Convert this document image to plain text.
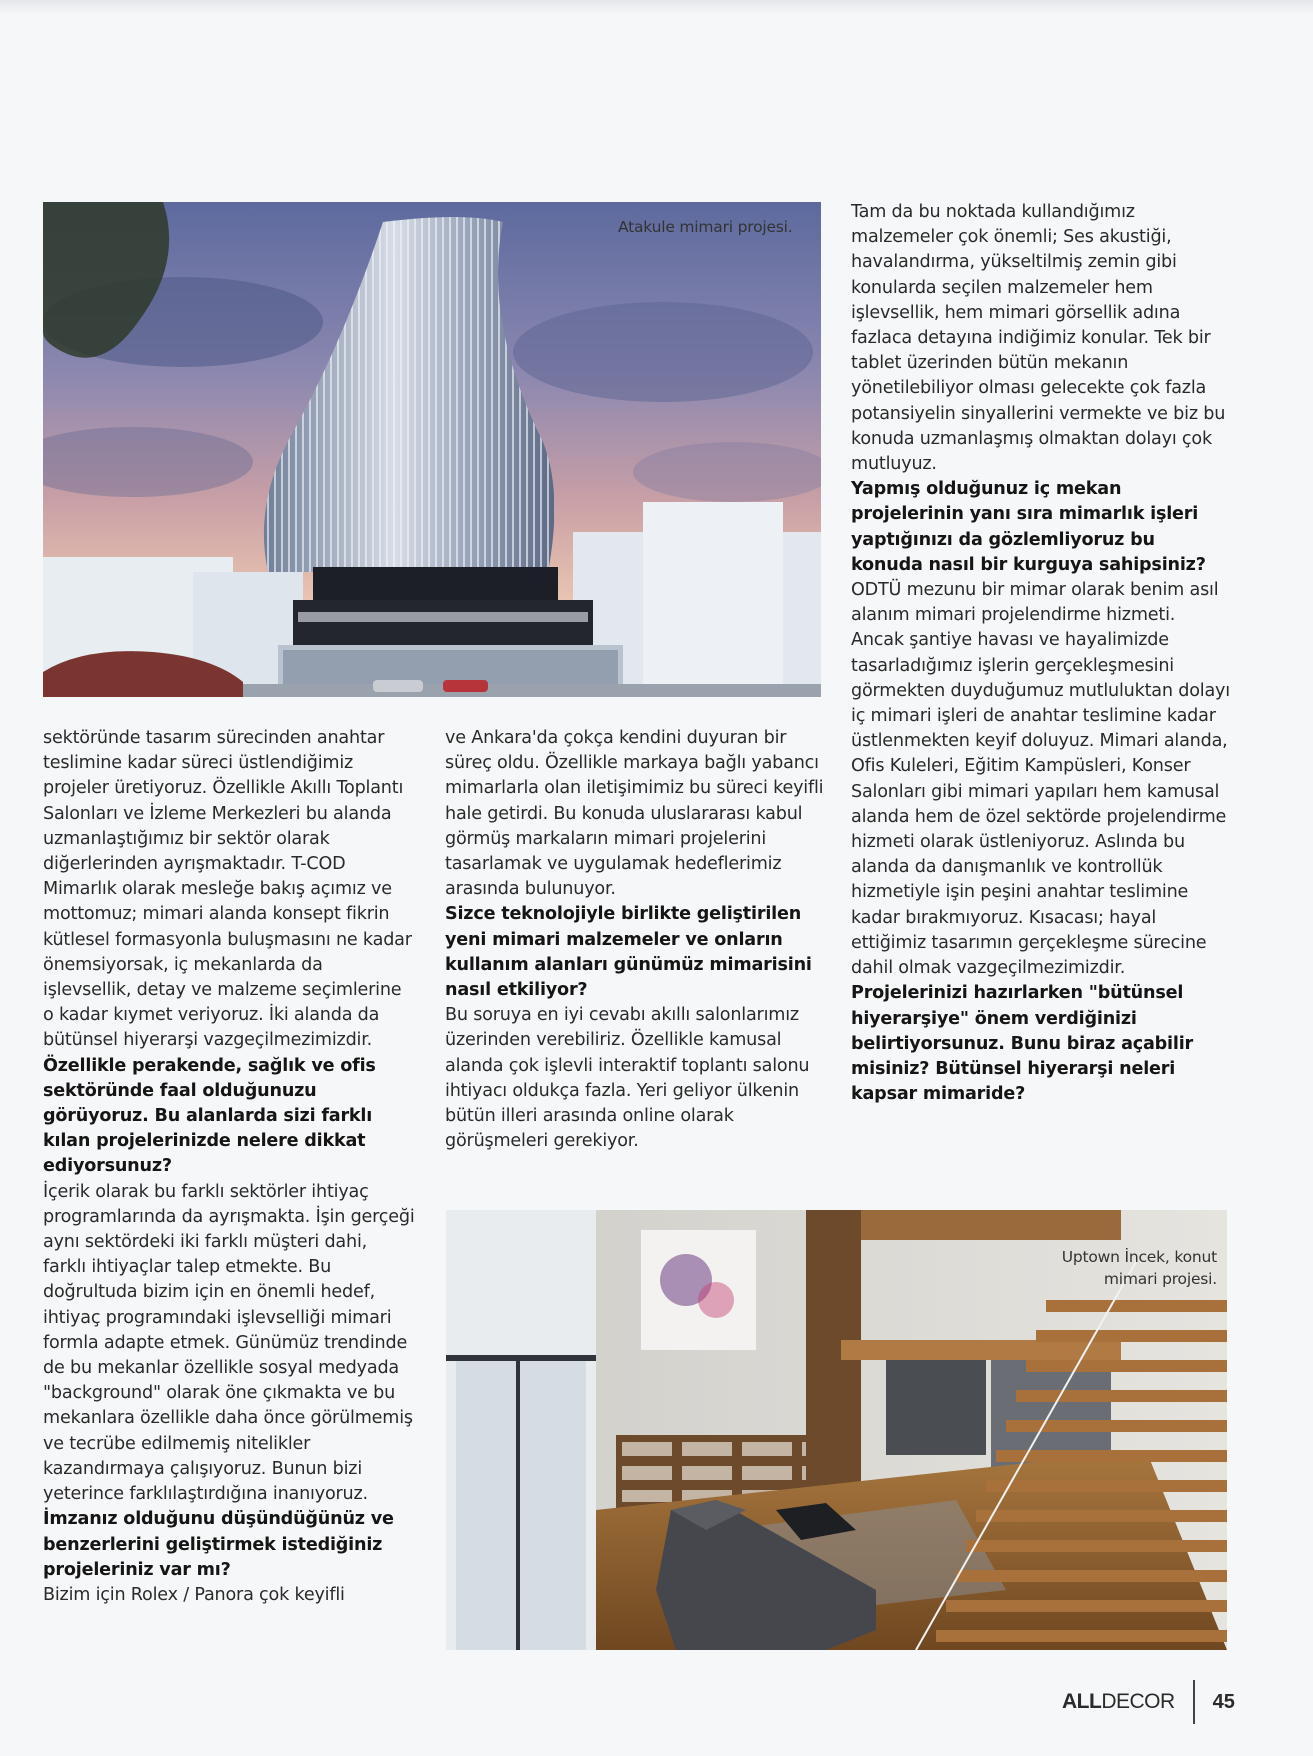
Atakule mimari projesi.
Uptown İncek, konut
mimari projesi.

sektöründe tasarım sürecinden anahtar teslimine kadar süreci üstlendiğimiz projeler üretiyoruz. Özellikle Akıllı Toplantı Salonları ve İzleme Merkezleri bu alanda uzmanlaştığımız bir sektör olarak diğerlerinden ayrışmaktadır. T-COD Mimarlık olarak mesleğe bakış açımız ve mottomuz; mimari alanda konsept fikrin kütlesel formasyonla buluşmasını ne kadar önemsiyorsak, iç mekanlarda da işlevsellik, detay ve malzeme seçimlerine o kadar kıymet veriyoruz. İki alanda da bütünsel hiyerarşi vazgeçilmezimizdir.

Özellikle perakende, sağlık ve ofis sektöründe faal olduğunuzu görüyoruz. Bu alanlarda sizi farklı kılan projelerinizde nelere dikkat ediyorsunuz?

İçerik olarak bu farklı sektörler ihtiyaç programlarında da ayrışmakta. İşin gerçeği aynı sektördeki iki farklı müşteri dahi, farklı ihtiyaçlar talep etmekte. Bu doğrultuda bizim için en önemli hedef, ihtiyaç programındaki işlevselliği mimari formla adapte etmek. Günümüz trendinde de bu mekanlar özellikle sosyal medyada "background" olarak öne çıkmakta ve bu mekanlara özellikle daha önce görülmemiş ve tecrübe edilmemiş nitelikler kazandırmaya çalışıyoruz. Bunun bizi yeterince farklılaştırdığına inanıyoruz.

İmzanız olduğunu düşündüğünüz ve benzerlerini geliştirmek istediğiniz projeleriniz var mı?

Bizim için Rolex / Panora çok keyifli

ve Ankara'da çokça kendini duyuran bir süreç oldu. Özellikle markaya bağlı yabancı mimarlarla olan iletişimimiz bu süreci keyifli hale getirdi. Bu konuda uluslararası kabul görmüş markaların mimari projelerini tasarlamak ve uygulamak hedeflerimiz arasında bulunuyor.

Sizce teknolojiyle birlikte geliştirilen yeni mimari malzemeler ve onların kullanım alanları günümüz mimarisini nasıl etkiliyor?

Bu soruya en iyi cevabı akıllı salonlarımız üzerinden verebiliriz. Özellikle kamusal alanda çok işlevli interaktif toplantı salonu ihtiyacı oldukça fazla. Yeri geliyor ülkenin bütün illeri arasında online olarak görüşmeleri gerekiyor.

Tam da bu noktada kullandığımız malzemeler çok önemli; Ses akustiği, havalandırma, yükseltilmiş zemin gibi konularda seçilen malzemeler hem işlevsellik, hem mimari görsellik adına fazlaca detayına indiğimiz konular. Tek bir tablet üzerinden bütün mekanın yönetilebiliyor olması gelecekte çok fazla potansiyelin sinyallerini vermekte ve biz bu konuda uzmanlaşmış olmaktan dolayı çok mutluyuz.

Yapmış olduğunuz iç mekan projelerinin yanı sıra mimarlık işleri yaptığınızı da gözlemliyoruz bu konuda nasıl bir kurguya sahipsiniz?

ODTÜ mezunu bir mimar olarak benim asıl alanım mimari projelendirme hizmeti. Ancak şantiye havası ve hayalimizde tasarladığımız işlerin gerçekleşmesini görmekten duyduğumuz mutluluktan dolayı iç mimari işleri de anahtar teslimine kadar üstlenmekten keyif doluyuz. Mimari alanda, Ofis Kuleleri, Eğitim Kampüsleri, Konser Salonları gibi mimari yapıları hem kamusal alanda hem de özel sektörde projelendirme hizmeti olarak üstleniyoruz. Aslında bu alanda da danışmanlık ve kontrollük hizmetiyle işin peşini anahtar teslimine kadar bırakmıyoruz. Kısacası; hayal ettiğimiz tasarımın gerçekleşme sürecine dahil olmak vazgeçilmezimizdir.

Projelerinizi hazırlarken "bütünsel hiyerarşiye" önem verdiğinizi belirtiyorsunuz. Bunu biraz açabilir misiniz? Bütünsel hiyerarşi neleri kapsar mimaride?

ALLDECOR 45
